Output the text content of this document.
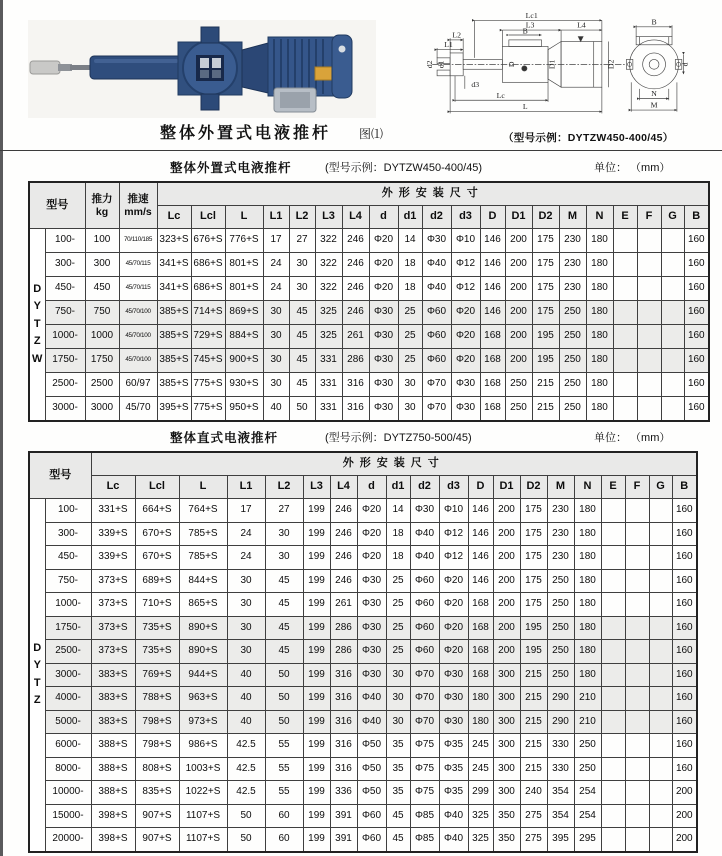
整体外置式电液推杆 图⑴
Lc1
L3	L4
L2
L1
B
d2 d1
d3
Lc
L
D	D1	D2
B
d
N
M
（型号示例：DYTZW450-400/45）
整体外置式电液推杆	(型号示例：DYTZW450-400/45)	单位： （mm）
型号	推力
kg

推速
mm/s
	外形安装尺寸
				Lc	Lcl	L	L1	L2	L3	L4	d	d1	d2	d3	D	D1	D2	M	N	E	F	G	B

D
Y
T
Z
W	100-	100	70/110/185	323+S	676+S	776+S	17	27	322	246	Φ20	14	Φ30	Φ10	146	200	175	230	180				160
	300-	300	45/70/115	341+S	686+S	801+S	24	30	322	246	Φ20	18	Φ40	Φ12	146	200	175	230	180				160
	450-	450	45/70/115	341+S	686+S	801+S	24	30	322	246	Φ20	18	Φ40	Φ12	146	200	175	230	180				160
	750-	750	45/70/100	385+S	714+S	869+S	30	45	325	246	Φ30	25	Φ60	Φ20	146	200	175	250	180				160
	1000-	1000	45/70/100	385+S	729+S	884+S	30	45	325	261	Φ30	25	Φ60	Φ20	168	200	195	250	180				160
	1750-	1750	45/70/100	385+S	745+S	900+S	30	45	331	286	Φ30	25	Φ60	Φ20	168	200	195	250	180				160
	2500-	2500	60/97	385+S	775+S	930+S	30	45	331	316	Φ30	30	Φ70	Φ30	168	250	215	250	180				160
	3000-	3000	45/70	395+S	775+S	950+S	40	50	331	316	Φ30	30	Φ70	Φ30	168	250	215	250	180				160
整体直式电液推杆	(型号示例：DYTZ750-500/45)	单位： （mm）
型号		外形安装尺寸																			
		Lc	Lcl	L	L1	L2	L3	L4	d	d1	d2	d3	D	D1	D2	M	N	E	F	G	B

D
Y
T
Z	100-	331+S	664+S	764+S	17	27	199	246	Φ20	14	Φ30	Φ10	146	200	175	230	180				160
	300-	339+S	670+S	785+S	24	30	199	246	Φ20	18	Φ40	Φ12	146	200	175	230	180				160
	450-	339+S	670+S	785+S	24	30	199	246	Φ20	18	Φ40	Φ12	146	200	175	230	180				160
	750-	373+S	689+S	844+S	30	45	199	246	Φ30	25	Φ60	Φ20	146	200	175	250	180				160
	1000-	373+S	710+S	865+S	30	45	199	261	Φ30	25	Φ60	Φ20	168	200	175	250	180				160
	1750-	373+S	735+S	890+S	30	45	199	286	Φ30	25	Φ60	Φ20	168	200	195	250	180				160
	2500-	373+S	735+S	890+S	30	45	199	286	Φ30	25	Φ60	Φ20	168	200	195	250	180				160
	3000-	383+S	769+S	944+S	40	50	199	316	Φ30	30	Φ70	Φ30	168	300	215	250	180				160
	4000-	383+S	788+S	963+S	40	50	199	316	Φ40	30	Φ70	Φ30	180	300	215	290	210				160
	5000-	383+S	798+S	973+S	40	50	199	316	Φ40	30	Φ70	Φ30	180	300	215	290	210				160
	6000-	388+S	798+S	986+S	42.5	55	199	316	Φ50	35	Φ75	Φ35	245	300	215	330	250				160
	8000-	388+S	808+S	1003+S	42.5	55	199	316	Φ50	35	Φ75	Φ35	245	300	215	330	250				160
	10000-	388+S	835+S	1022+S	42.5	55	199	336	Φ50	35	Φ75	Φ35	299	300	240	354	254				200
	15000-	398+S	907+S	1107+S	50	60	199	391	Φ60	45	Φ85	Φ40	325	350	275	354	254				200
	20000-	398+S	907+S	1107+S	50	60	199	391	Φ60	45	Φ85	Φ40	325	350	275	395	295				200
